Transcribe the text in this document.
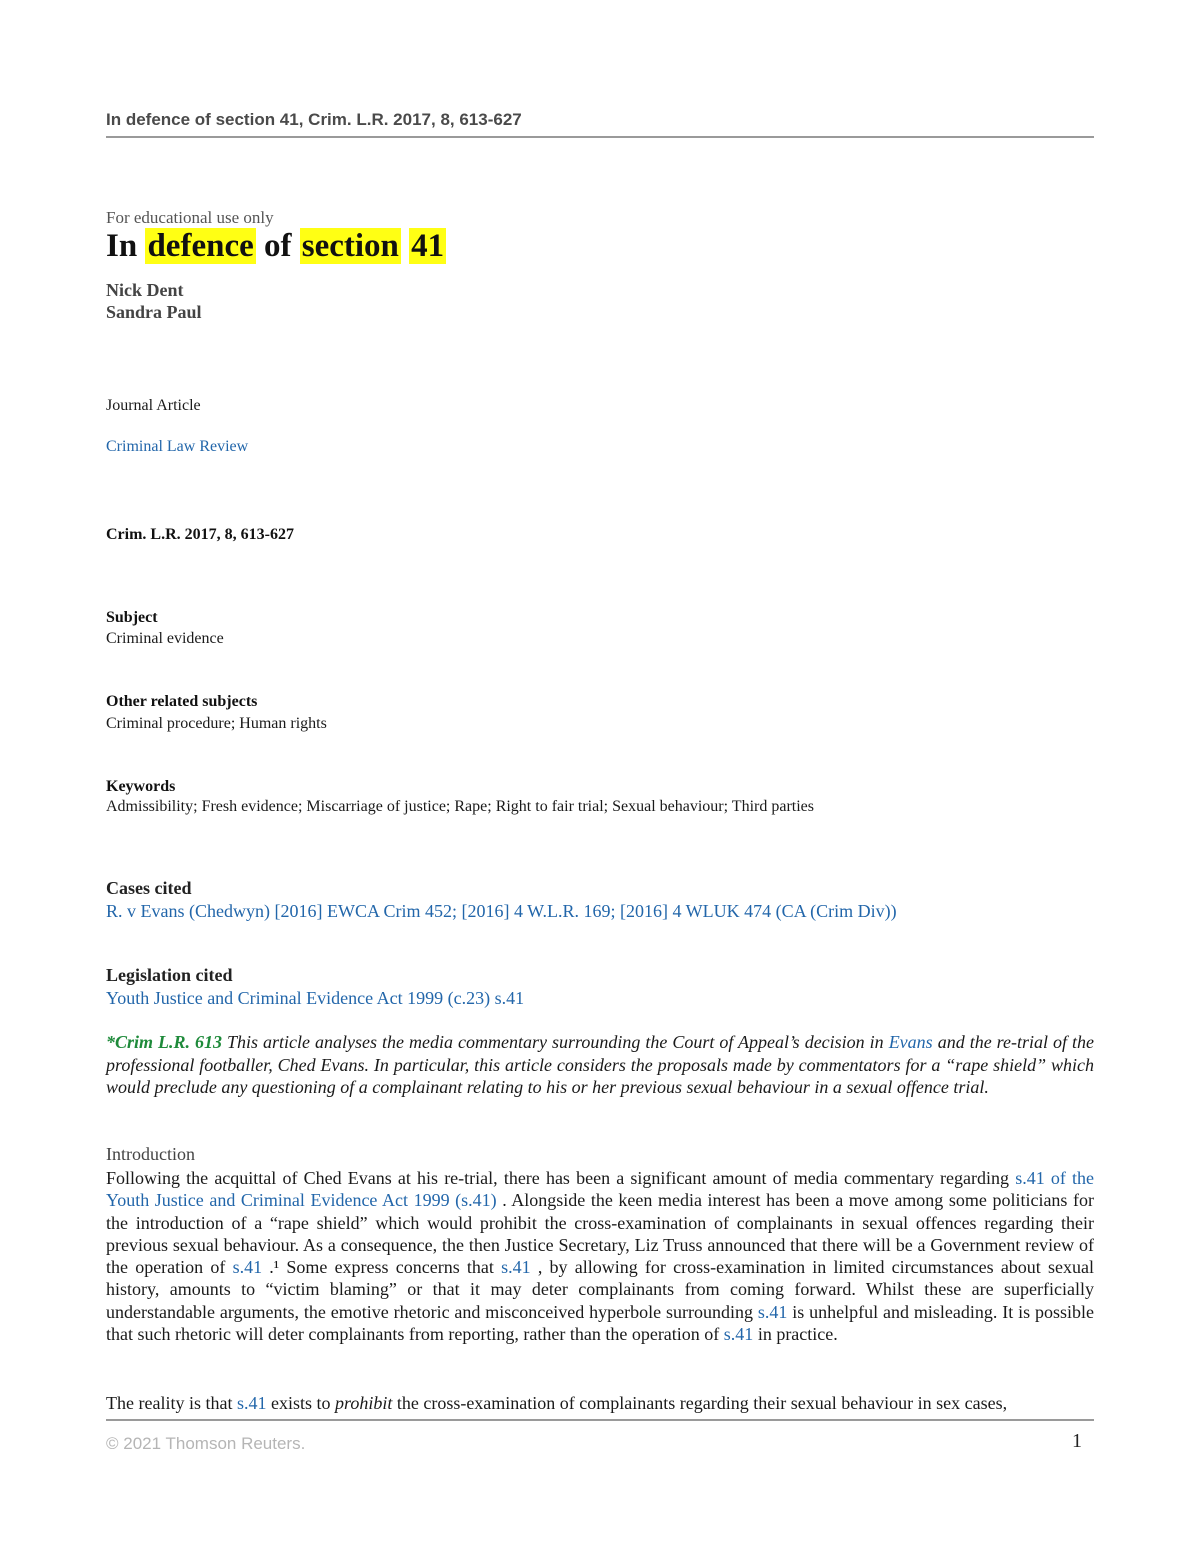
In defence of section 41, Crim. L.R. 2017, 8, 613-627
For educational use only
In defence of section 41
Nick Dent
Sandra Paul
Journal Article
Criminal Law Review
Crim. L.R. 2017, 8, 613-627
Subject
Criminal evidence
Other related subjects
Criminal procedure; Human rights
Keywords
Admissibility; Fresh evidence; Miscarriage of justice; Rape; Right to fair trial; Sexual behaviour; Third parties
Cases cited
R. v Evans (Chedwyn) [2016] EWCA Crim 452; [2016] 4 W.L.R. 169; [2016] 4 WLUK 474 (CA (Crim Div))
Legislation cited
Youth Justice and Criminal Evidence Act 1999 (c.23) s.41
*Crim L.R. 613 This article analyses the media commentary surrounding the Court of Appeal’s decision in Evans and the re-trial of the professional footballer, Ched Evans. In particular, this article considers the proposals made by commentators for a “rape shield” which would preclude any questioning of a complainant relating to his or her previous sexual behaviour in a sexual offence trial.
Introduction
Following the acquittal of Ched Evans at his re-trial, there has been a significant amount of media commentary regarding s.41 of the Youth Justice and Criminal Evidence Act 1999 (s.41) . Alongside the keen media interest has been a move among some politicians for the introduction of a “rape shield” which would prohibit the cross-examination of complainants in sexual offences regarding their previous sexual behaviour. As a consequence, the then Justice Secretary, Liz Truss announced that there will be a Government review of the operation of s.41 .¹ Some express concerns that s.41 , by allowing for cross-examination in limited circumstances about sexual history, amounts to “victim blaming” or that it may deter complainants from coming forward. Whilst these are superficially understandable arguments, the emotive rhetoric and misconceived hyperbole surrounding s.41 is unhelpful and misleading. It is possible that such rhetoric will deter complainants from reporting, rather than the operation of s.41 in practice.
The reality is that s.41 exists to prohibit the cross-examination of complainants regarding their sexual behaviour in sex cases,
© 2021 Thomson Reuters.	1
